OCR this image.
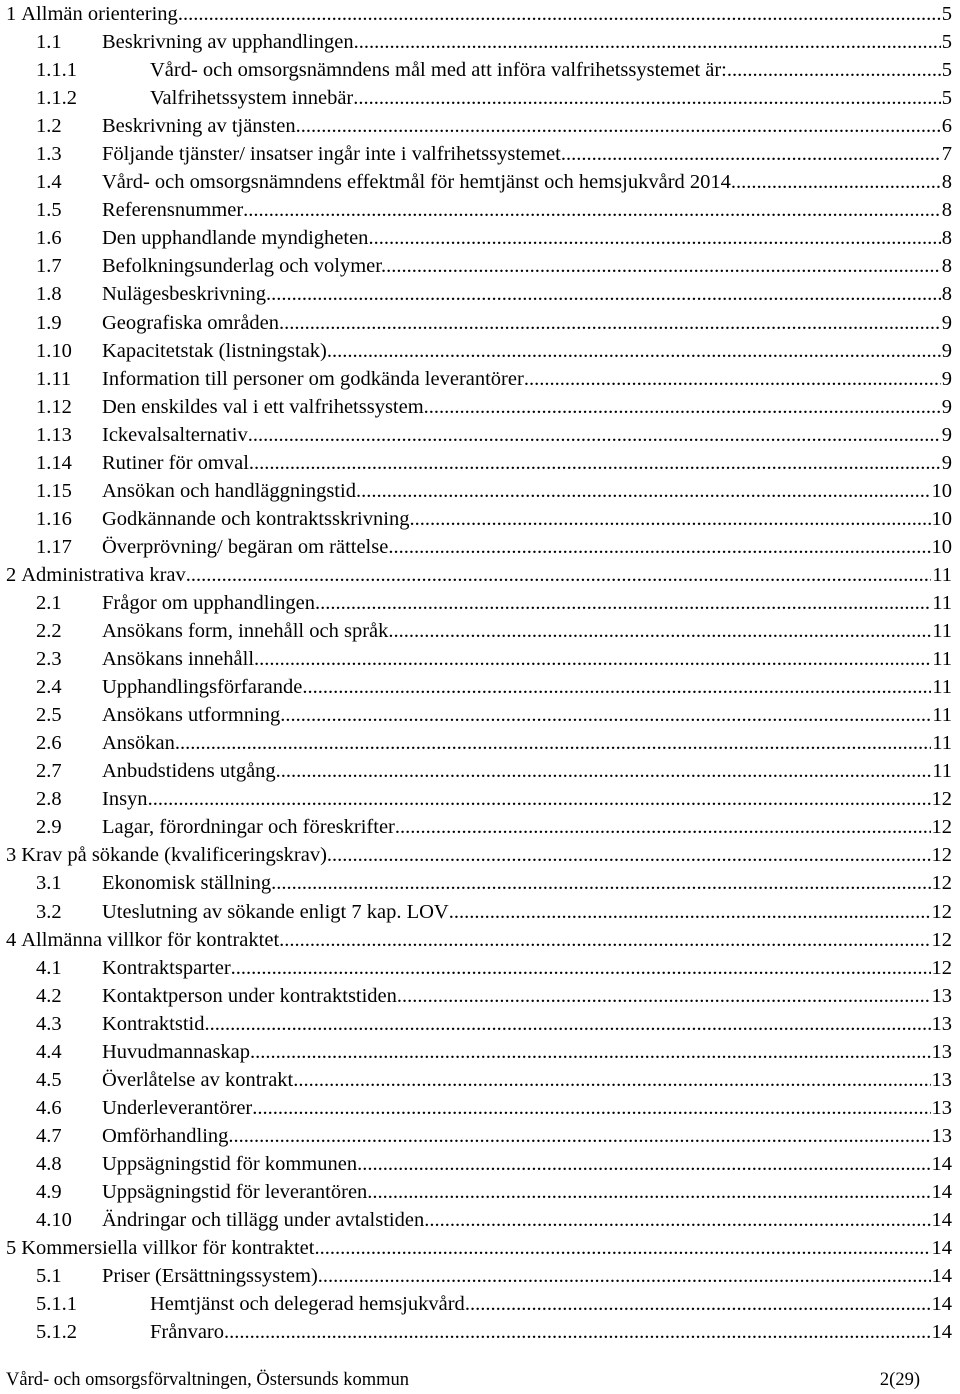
1 Allmän orientering .....	5
1.1	Beskrivning av upphandlingen .....	5
1.1.1	Vård- och omsorgsnämndens mål med att införa valfrihetssystemet är: .....	5
1.1.2	Valfrihetssystem innebär .....	5
1.2	Beskrivning av tjänsten .....	6
1.3	Följande tjänster/ insatser ingår inte i valfrihetssystemet .....	7
1.4	Vård- och omsorgsnämndens effektmål för hemtjänst och hemsjukvård 2014 .....	8
1.5	Referensnummer .....	8
1.6	Den upphandlande myndigheten .....	8
1.7	Befolkningsunderlag och volymer. .....	8
1.8	Nulägesbeskrivning .....	8
1.9	Geografiska områden. .....	9
1.10	Kapacitetstak (listningstak) .....	9
1.11	Information till personer om godkända leverantörer .....	9
1.12	Den enskildes val i ett valfrihetssystem .....	9
1.13	Ickevalsalternativ .....	9
1.14	Rutiner för omval .....	9
1.15	Ansökan och handläggningstid .....	10
1.16	Godkännande och kontraktsskrivning .....	10
1.17	Överprövning/ begäran om rättelse .....	10
2 Administrativa krav .....	11
2.1	Frågor om upphandlingen .....	11
2.2	Ansökans form, innehåll och språk .....	11
2.3	Ansökans innehåll .....	11
2.4	Upphandlingsförfarande .....	11
2.5	Ansökans utformning .....	11
2.6	Ansökan .....	11
2.7	Anbudstidens utgång .....	11
2.8	Insyn .....	12
2.9	Lagar, förordningar och föreskrifter .....	12
3 Krav på sökande (kvalificeringskrav) .....	12
3.1	Ekonomisk ställning .....	12
3.2	Uteslutning av sökande enligt 7 kap. LOV .....	12
4 Allmänna villkor för kontraktet .....	12
4.1	Kontraktsparter .....	12
4.2	Kontaktperson under kontraktstiden .....	13
4.3	Kontraktstid .....	13
4.4	Huvudmannaskap .....	13
4.5	Överlåtelse av kontrakt .....	13
4.6	Underleverantörer .....	13
4.7	Omförhandling .....	13
4.8	Uppsägningstid för kommunen .....	14
4.9	Uppsägningstid för leverantören .....	14
4.10	Ändringar och tillägg under avtalstiden .....	14
5 Kommersiella villkor för kontraktet .....	14
5.1	Priser (Ersättningssystem) .....	14
5.1.1	Hemtjänst och delegerad hemsjukvård .....	14
5.1.2	Frånvaro .....	14
Vård- och omsorgsförvaltningen, Östersunds kommun	2(29)
